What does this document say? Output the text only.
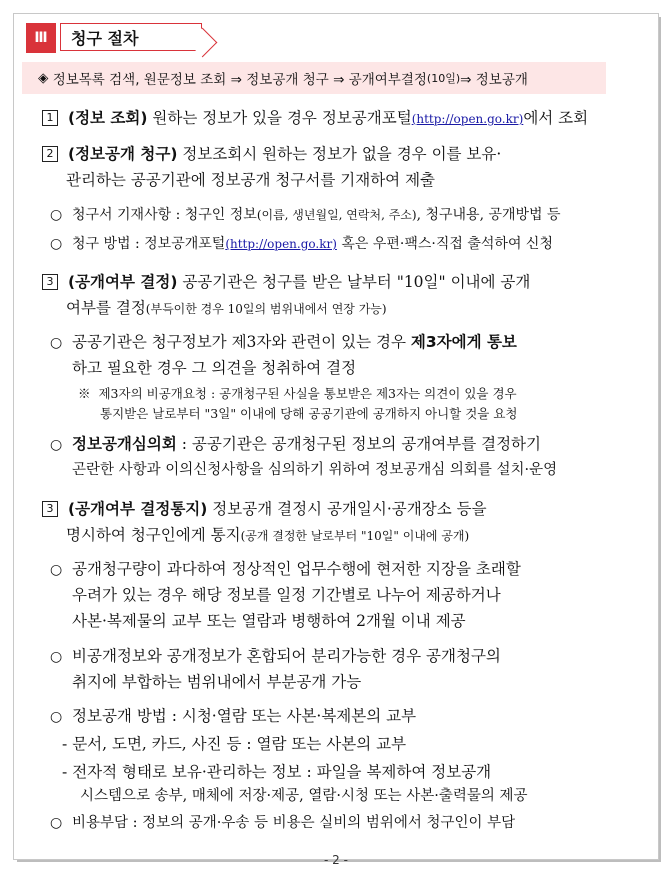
Ⅲ	청구 절차
◈
정보목록 검색, 원문정보 조회 ⇒ 정보공개 청구 ⇒ 공개여부결정 (10일) ⇒ 정보공개
1 (정보 조회) 원하는 정보가 있을 경우 정보공개포털(http://open.go.kr)에서 조회
2 (정보공개 청구) 정보조회시 원하는 정보가 없을 경우 이를 보유·
관리하는 공공기관에 정보공개 청구서를 기재하여 제출
○ 청구서 기재사항 : 청구인 정보(이름, 생년월일, 연락처, 주소), 청구내용, 공개방법 등
○ 청구 방법 : 정보공개포털(http://open.go.kr) 혹은 우편·팩스·직접 출석하여 신청
3 (공개여부 결정) 공공기관은 청구를 받은 날부터 "10일" 이내에 공개
여부를 결정(부득이한 경우 10일의 범위내에서 연장 가능)
○ 공공기관은 청구정보가 제3자와 관련이 있는 경우 제3자에게 통보
하고 필요한 경우 그 의견을 청취하여 결정
※ 제3자의 비공개요청 : 공개청구된 사실을 통보받은 제3자는 의견이 있을 경우
통지받은 날로부터 "3일" 이내에 당해 공공기관에 공개하지 아니할 것을 요청
○ 정보공개심의회 : 공공기관은 공개청구된 정보의 공개여부를 결정하기
곤란한 사항과 이의신청사항을 심의하기 위하여 정보공개심 의회를 설치·운영
3 (공개여부 결정통지) 정보공개 결정시 공개일시·공개장소 등을
명시하여 청구인에게 통지(공개 결정한 날로부터 "10일" 이내에 공개)
○ 공개청구량이 과다하여 정상적인 업무수행에 현저한 지장을 초래할
우려가 있는 경우 해당 정보를 일정 기간별로 나누어 제공하거나
사본·복제물의 교부 또는 열람과 병행하여 2개월 이내 제공
○ 비공개정보와 공개정보가 혼합되어 분리가능한 경우 공개청구의
취지에 부합하는 범위내에서 부분공개 가능
○ 정보공개 방법 : 시청·열람 또는 사본·복제본의 교부
- 문서, 도면, 카드, 사진 등 : 열람 또는 사본의 교부
- 전자적 형태로 보유·관리하는 정보 : 파일을 복제하여 정보공개
시스템으로 송부, 매체에 저장·제공, 열람·시청 또는 사본·출력물의 제공
○ 비용부담 : 정보의 공개·우송 등 비용은 실비의 범위에서 청구인이 부담
- 2 -
